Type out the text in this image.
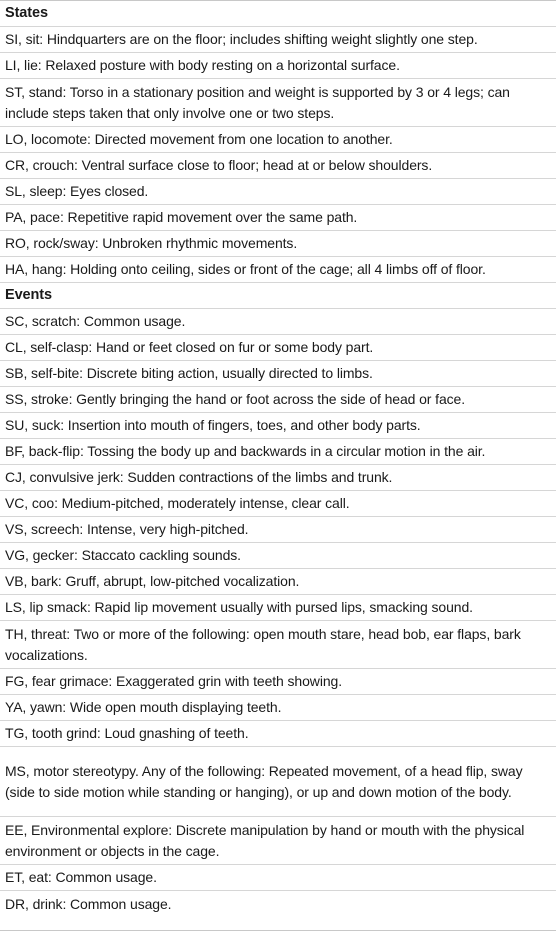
States
SI, sit: Hindquarters are on the floor; includes shifting weight slightly one step.
LI, lie: Relaxed posture with body resting on a horizontal surface.
ST, stand: Torso in a stationary position and weight is supported by 3 or 4 legs; can include steps taken that only involve one or two steps.
LO, locomote: Directed movement from one location to another.
CR, crouch: Ventral surface close to floor; head at or below shoulders.
SL, sleep: Eyes closed.
PA, pace: Repetitive rapid movement over the same path.
RO, rock/sway: Unbroken rhythmic movements.
HA, hang: Holding onto ceiling, sides or front of the cage; all 4 limbs off of floor.
Events
SC, scratch: Common usage.
CL, self-clasp: Hand or feet closed on fur or some body part.
SB, self-bite: Discrete biting action, usually directed to limbs.
SS, stroke: Gently bringing the hand or foot across the side of head or face.
SU, suck: Insertion into mouth of fingers, toes, and other body parts.
BF, back-flip: Tossing the body up and backwards in a circular motion in the air.
CJ, convulsive jerk: Sudden contractions of the limbs and trunk.
VC, coo: Medium-pitched, moderately intense, clear call.
VS, screech: Intense, very high-pitched.
VG, gecker: Staccato cackling sounds.
VB, bark: Gruff, abrupt, low-pitched vocalization.
LS, lip smack: Rapid lip movement usually with pursed lips, smacking sound.
TH, threat: Two or more of the following: open mouth stare, head bob, ear flaps, bark vocalizations.
FG, fear grimace: Exaggerated grin with teeth showing.
YA, yawn: Wide open mouth displaying teeth.
TG, tooth grind: Loud gnashing of teeth.
MS, motor stereotypy. Any of the following: Repeated movement, of a head flip, sway (side to side motion while standing or hanging), or up and down motion of the body.
EE, Environmental explore: Discrete manipulation by hand or mouth with the physical environment or objects in the cage.
ET, eat: Common usage.
DR, drink: Common usage.
